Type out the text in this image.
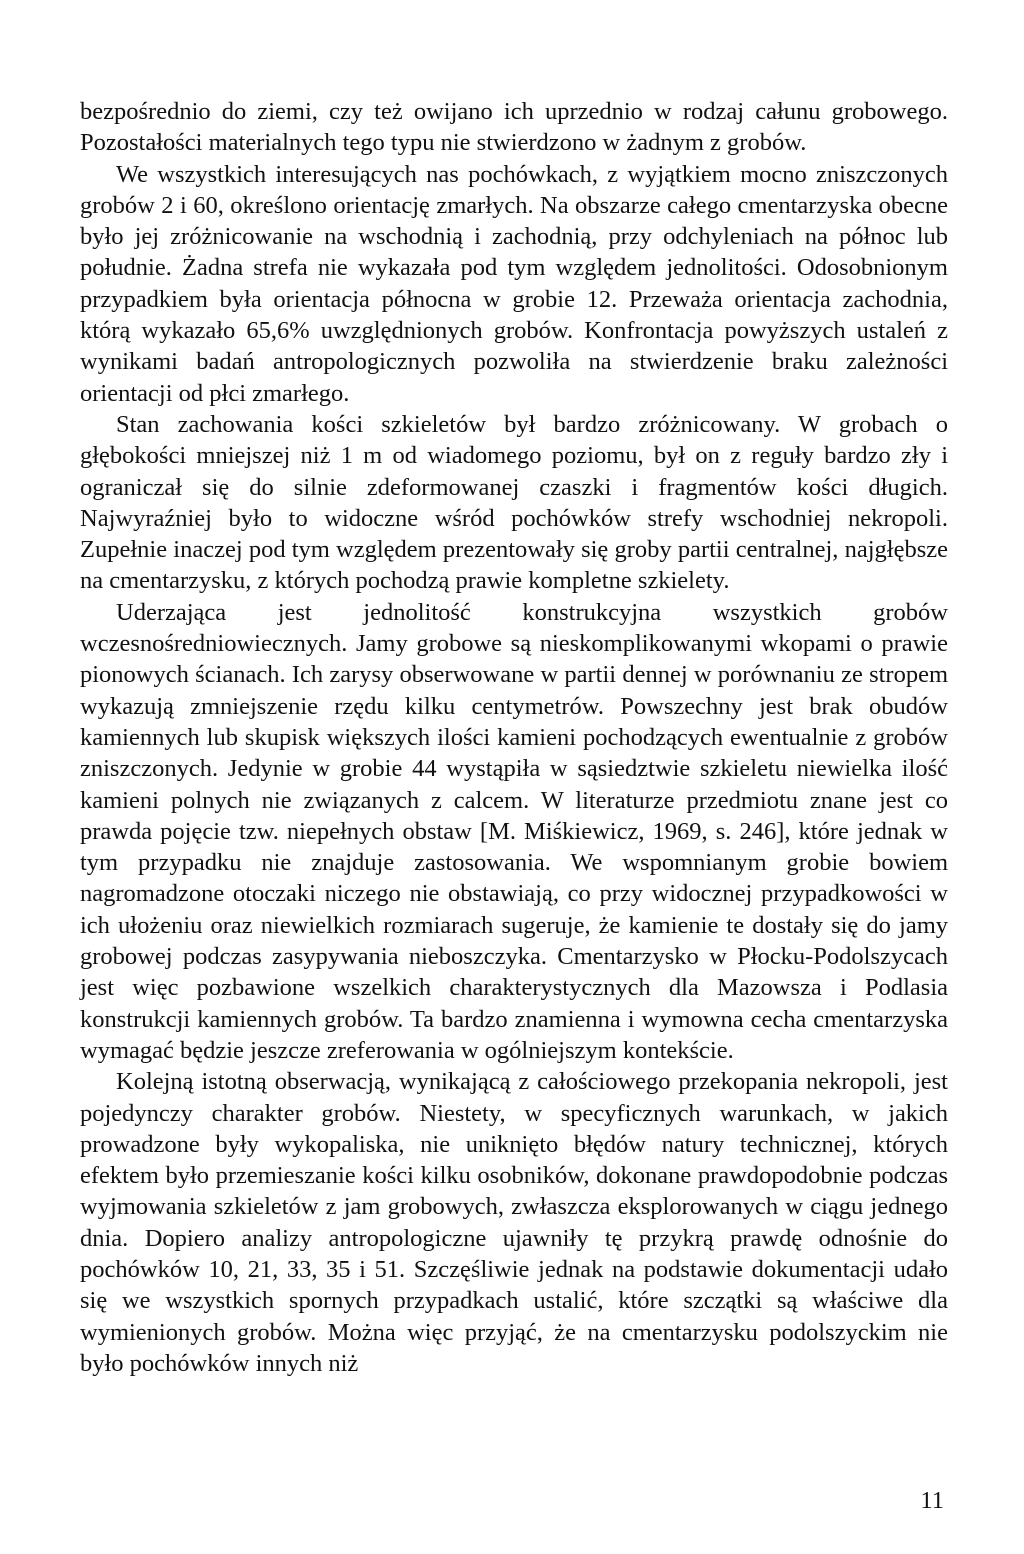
bezpośrednio do ziemi, czy też owijano ich uprzednio w rodzaj całunu grobowego. Pozostałości materialnych tego typu nie stwierdzono w żadnym z grobów.

We wszystkich interesujących nas pochówkach, z wyjątkiem mocno zniszczonych grobów 2 i 60, określono orientację zmarłych. Na obszarze całego cmentarzyska obecne było jej zróżnicowanie na wschodnią i zachodnią, przy odchyleniach na północ lub południe. Żadna strefa nie wykazała pod tym względem jednolitości. Odosobnionym przypadkiem była orientacja północna w grobie 12. Przeważa orientacja zachodnia, którą wykazało 65,6% uwzględnionych grobów. Konfrontacja powyższych ustaleń z wynikami badań antropologicznych pozwoliła na stwierdzenie braku zależności orientacji od płci zmarłego.

Stan zachowania kości szkieletów był bardzo zróżnicowany. W grobach o głębokości mniejszej niż 1 m od wiadomego poziomu, był on z reguły bardzo zły i ograniczał się do silnie zdeformowanej czaszki i fragmentów kości długich. Najwyraźniej było to widoczne wśród pochówków strefy wschodniej nekropoli. Zupełnie inaczej pod tym względem prezentowały się groby partii centralnej, najgłębsze na cmentarzysku, z których pochodzą prawie kompletne szkielety.

Uderzająca jest jednolitość konstrukcyjna wszystkich grobów wczesnośredniowiecznych. Jamy grobowe są nieskomplikowanymi wkopami o prawie pionowych ścianach. Ich zarysy obserwowane w partii dennej w porównaniu ze stropem wykazują zmniejszenie rzędu kilku centymetrów. Powszechny jest brak obudów kamiennych lub skupisk większych ilości kamieni pochodzących ewentualnie z grobów zniszczonych. Jedynie w grobie 44 wystąpiła w sąsiedztwie szkieletu niewielka ilość kamieni polnych nie związanych z calcem. W literaturze przedmiotu znane jest co prawda pojęcie tzw. niepełnych obstaw [M. Miśkiewicz, 1969, s. 246], które jednak w tym przypadku nie znajduje zastosowania. We wspomnianym grobie bowiem nagromadzone otoczaki niczego nie obstawiają, co przy widocznej przypadkowości w ich ułożeniu oraz niewielkich rozmiarach sugeruje, że kamienie te dostały się do jamy grobowej podczas zasypywania nieboszczyka. Cmentarzysko w Płocku-Podolszycach jest więc pozbawione wszelkich charakterystycznych dla Mazowsza i Podlasia konstrukcji kamiennych grobów. Ta bardzo znamienna i wymowna cecha cmentarzyska wymagać będzie jeszcze zreferowania w ogólniejszym kontekście.

Kolejną istotną obserwacją, wynikającą z całościowego przekopania nekropoli, jest pojedynczy charakter grobów. Niestety, w specyficznych warunkach, w jakich prowadzone były wykopaliska, nie uniknięto błędów natury technicznej, których efektem było przemieszanie kości kilku osobników, dokonane prawdopodobnie podczas wyjmowania szkieletów z jam grobowych, zwłaszcza eksplorowanych w ciągu jednego dnia. Dopiero analizy antropologiczne ujawniły tę przykrą prawdę odnośnie do pochówków 10, 21, 33, 35 i 51. Szczęśliwie jednak na podstawie dokumentacji udało się we wszystkich spornych przypadkach ustalić, które szczątki są właściwe dla wymienionych grobów. Można więc przyjąć, że na cmentarzysku podolszyckim nie było pochówków innych niż

11
